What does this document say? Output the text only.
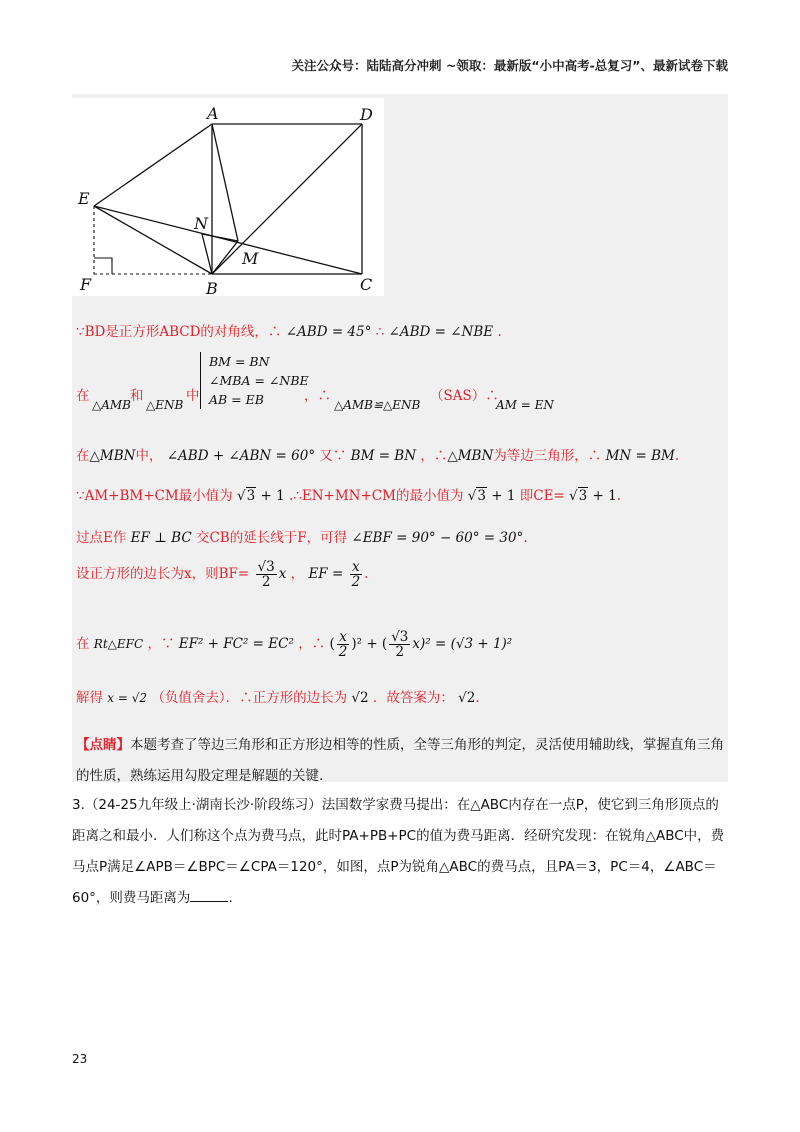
关注公众号：陆陆高分冲刺 ~领取：最新版“小中高考-总复习”、最新试卷下载
A	D
E
N
M
F	B	C
∵BD是正方形ABCD的对角线，∴ ∠ABD = 45° ∴ ∠ABD = ∠NBE .
在
△AMB
和
△ENB
中
BM = BN
∠MBA = ∠NBE
AB = EB	，∴
△AMB≌△ENB
（SAS）∴
AM = EN
在△MBN中， ∠ABD + ∠ABN = 60° 又∵ BM = BN ，∴△MBN为等边三角形，∴ MN = BM.
∵AM+BM+CM最小值为 √3 + 1 .∴EN+MN+CM的最小值为 √3 + 1 即CE= √3 + 1.
过点E作 EF ⊥ BC 交CB的延长线于F，可得 ∠EBF = 90° − 60° = 30°.
设正方形的边长为x，则$BF= \frac{√3}{2}$ x ， EF = $\frac{x}{2}$ .
在 Rt△EFC ，∵ EF² + FC² = EC² ，∴ ( $\frac{x}{2} )^2$ + ( $\frac{√3}{2} x)^2 = (√3 + 1)^2$
解得 x = √2 （负值舍去）．∴正方形的边长为 √2 ．故答案为： √2.
【点睛】本题考查了等边三角形和正方形边相等的性质，全等三角形的判定，灵活使用辅助线，掌握直角三角的性质，熟练运用勾股定理是解题的关键.
3.（24-25九年级上·湖南长沙·阶段练习）法国数学家费马提出：在△ABC内存在一点P，使它到三角形顶点的距离之和最小．人们称这个点为费马点，此时PA+PB+PC的值为费马距离．经研究发现：在锐角△ABC中，费马点P满足∠APB＝∠BPC＝∠CPA＝120°，如图，点P为锐角△ABC的费马点，且PA＝3，PC＝4，∠ABC＝60°，则费马距离为	.
23
